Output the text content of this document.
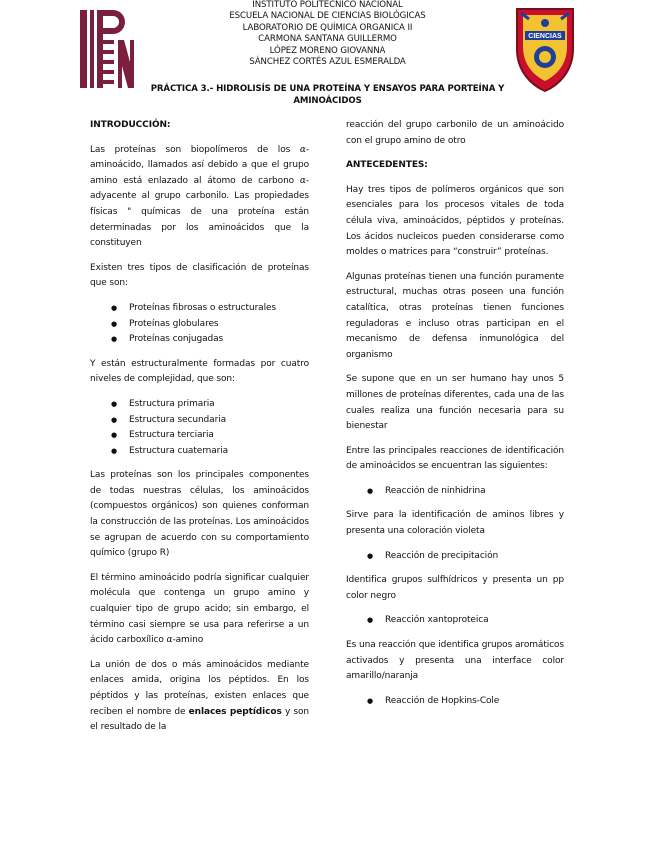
CIENCIAS
INSTITUTO POLITÉCNICO NACIONAL
ESCUELA NACIONAL DE CIENCIAS BIOLÓGICAS
LABORATORIO DE QUÍMICA ORGANICA II
CARMONA SANTANA GUILLERMO
LÓPEZ MORENO GIOVANNA
SÁNCHEZ CORTÉS AZUL ESMERALDA
PRÁCTICA 3.- HIDROLISÍS DE UNA PROTEÍNA Y ENSAYOS PARA PORTEÍNA Y AMINOÁCIDOS
INTRODUCCIÓN:

Las proteínas son biopolímeros de los α-aminoácido, llamados así debido a que el grupo amino está enlazado al átomo de carbono α-adyacente al grupo carbonilo. Las propiedades físicas " químicas de una proteína están determinadas por los aminoácidos que la constituyen

Existen tres tipos de clasificación de proteínas que son:

● Proteínas fibrosas o estructurales
● Proteínas globulares
● Proteínas conjugadas

Y están estructuralmente formadas por cuatro niveles de complejidad, que son:

● Estructura primaria
● Estructura secundaria
● Estructura terciaria
● Estructura cuaternaria

Las proteínas son los principales componentes de todas nuestras células, los aminoácidos (compuestos orgánicos) son quienes conforman la construcción de las proteínas. Los aminoácidos se agrupan de acuerdo con su comportamiento químico (grupo R)

El término aminoácido podría significar cualquier molécula que contenga un grupo amino y cualquier tipo de grupo acido; sin embargo, el término casi siempre se usa para referirse a un ácido carboxílico α-amino

La unión de dos o más aminoácidos mediante enlaces amida, origina los péptidos. En los péptidos y las proteínas, existen enlaces que reciben el nombre de enlaces peptídicos y son el resultado de la

reacción del grupo carbonilo de un aminoácido con el grupo amino de otro

ANTECEDENTES:

Hay tres tipos de polímeros orgánicos que son esenciales para los procesos vitales de toda célula viva, aminoácidos, péptidos y proteínas. Los ácidos nucleicos pueden considerarse como moldes o matrices para “construir” proteínas.

Algunas proteínas tienen una función puramente estructural, muchas otras poseen una función catalítica, otras proteínas tienen funciones reguladoras e incluso otras participan en el mecanismo de defensa inmunológica del organismo

Se supone que en un ser humano hay unos 5 millones de proteínas diferentes, cada una de las cuales realiza una función necesaria para su bienestar

Entre las principales reacciones de identificación de aminoácidos se encuentran las siguientes:

● Reacción de ninhidrina

Sirve para la identificación de aminos libres y presenta una coloración violeta

● Reacción de precipitación

Identifica grupos sulfhídricos y presenta un pp color negro

● Reacción xantoproteica

Es una reacción que identifica grupos aromáticos activados y presenta una interface color amarillo/naranja

● Reacción de Hopkins-Cole
